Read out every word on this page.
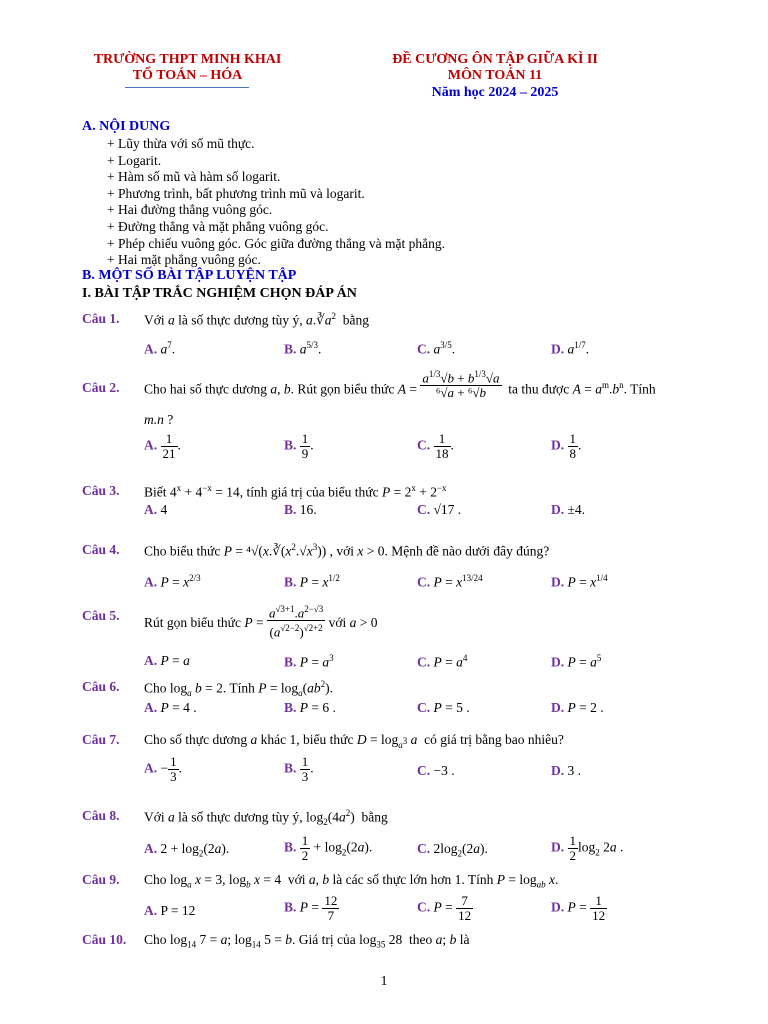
TRƯỜNG THPT MINH KHAI
TỔ TOÁN – HÓA
ĐỀ CƯƠNG ÔN TẬP GIỮA KÌ II
MÔN TOÁN 11
Năm học 2024 – 2025
A. NỘI DUNG
+ Lũy thừa với số mũ thực.
+ Logarit.
+ Hàm số mũ và hàm số logarit.
+ Phương trình, bất phương trình mũ và logarit.
+ Hai đường thẳng vuông góc.
+ Đường thẳng và mặt phẳng vuông góc.
+ Phép chiếu vuông góc. Góc giữa đường thẳng và mặt phẳng.
+ Hai mặt phẳng vuông góc.
B. MỘT SỐ BÀI TẬP LUYỆN TẬP
I. BÀI TẬP TRẮC NGHIỆM CHỌN ĐÁP ÁN
Câu 1. Với a là số thực dương tùy ý, $a.∛a^2$ bằng
A. $a^7$.	B. $a^{5/3}$.	C. $a^{3/5}$.	D. $a^{1/7}$.
Câu 2. Cho hai số thực dương a, b. Rút gọn biểu thức $A = \frac{a^{1/3}√b + b^{1/3}√a}{\text{⁶√a + ⁶√b}}$ ta thu được $A = a^m.b^n$. Tính
m.n ?
A. $\frac{1}{21}$ .	B. $\frac{1}{9}$ .	C. $\frac{1}{18}$ .	D. $\frac{1}{8}$ .
Câu 3. Biết $4^x + 4^{-x} = 14$, tính giá trị của biểu thức $P = 2^x + 2^{-x}$
A. 4	B. 16.	C. √17 .	D. ±4.
Câu 4. Cho biểu thức $P = ^4√(x.∛(x^2.√x^3))$ , với x > 0. Mệnh đề nào dưới đây đúng?
A. $P = x^{2/3}$	B. $P = x^{1/2}$	C. $P = x^{13/24}$	D. $P = x^{1/4}$
Câu 5. Rút gọn biểu thức $P = \frac{a^{√3+1}.a^{2-√3}}{(a^{√2-2})^{√2+2}}$ với a > 0
A. P = a	B. $P = a^3$	C. $P = a^4$	D. $P = a^5$
Câu 6. Cho $\log_a b = 2$. Tính $P = \log_a(ab^2)$.
A. P = 4 .	B. P = 6 .	C. P = 5 .	D. P = 2 .
Câu 7. Cho số thực dương a khác 1, biểu thức $D = \log_{a^3} a$ có giá trị bằng bao nhiêu?
A. − $\frac{1}{3}$ .	B. $\frac{1}{3}$ .	C. −3 .	D. 3 .
Câu 8. Với a là số thực dương tùy ý, $\log_2(4a^2)$  bằng
A. $2 + \log_2(2a)$.	B. $\frac{1}{2} + \log_2(2a)$.	C. $2\log_2(2a)$.	D. $\frac{1}{2} \log_2 2a$ .
Câu 9. Cho $\log_a x = 3$, $\log_b x = 4$  với a, b là các số thực lớn hơn 1. Tính $P = \log_{ab} x$.
A. P = 12	B. $P = \frac{12}{7}$	C. $P = \frac{7}{12}$	D. $P = \frac{1}{12}$
Câu 10. Cho $\log_{14} 7 = a$; $\log_{14} 5 = b$. Giá trị của $\log_{35} 28$  theo a; b là
1
